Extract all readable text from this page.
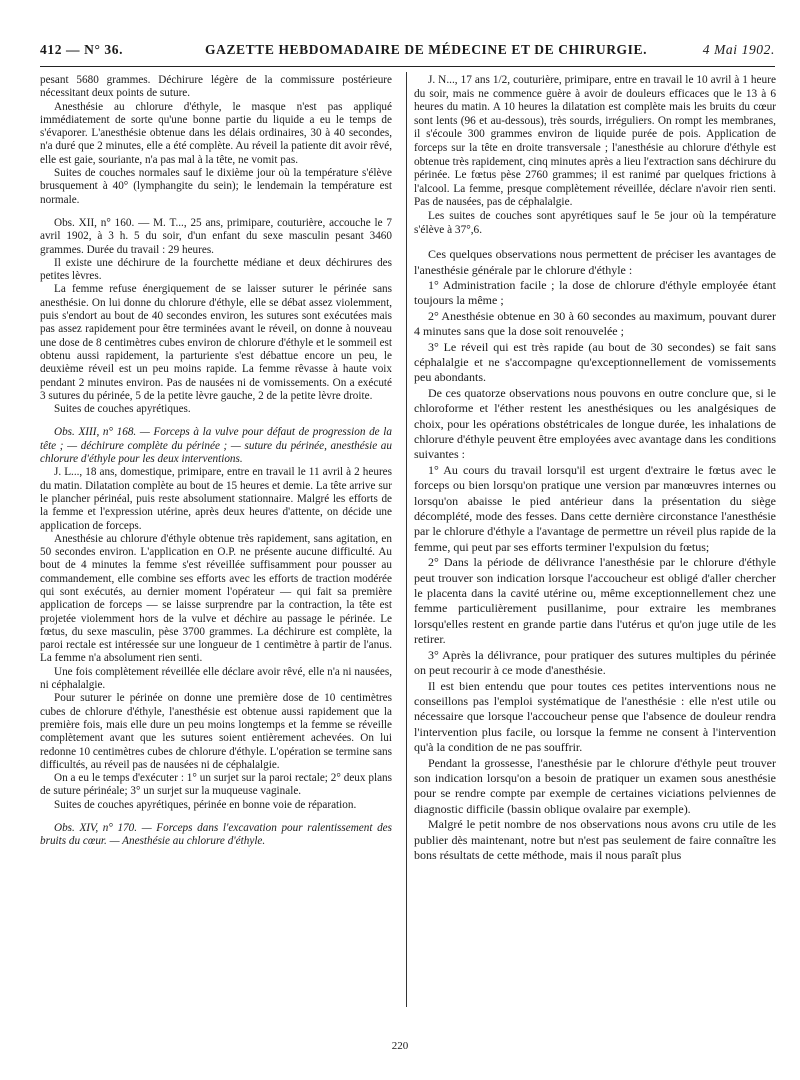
412 — N° 36.	GAZETTE HEBDOMADAIRE DE MÉDECINE ET DE CHIRURGIE.	4 Mai 1902.

pesant 5680 grammes. Déchirure légère de la commissure postérieure nécessitant deux points de suture.

Anesthésie au chlorure d'éthyle, le masque n'est pas appliqué immédiatement de sorte qu'une bonne partie du liquide a eu le temps de s'évaporer. L'anesthésie obtenue dans les délais ordinaires, 30 à 40 secondes, n'a duré que 2 minutes, elle a été complète. Au réveil la patiente dit avoir rêvé, elle est gaie, souriante, n'a pas mal à la tête, ne vomit pas.

Suites de couches normales sauf le dixième jour où la température s'élève brusquement à 40° (lymphangite du sein); le lendemain la température est normale.

Obs. XII, n° 160. — M. T..., 25 ans, primipare, couturière, accouche le 7 avril 1902, à 3 h. 5 du soir, d'un enfant du sexe masculin pesant 3460 grammes. Durée du travail : 29 heures.

Il existe une déchirure de la fourchette médiane et deux déchirures des petites lèvres.

La femme refuse énergiquement de se laisser suturer le périnée sans anesthésie. On lui donne du chlorure d'éthyle, elle se débat assez violemment, puis s'endort au bout de 40 secondes environ, les sutures sont exécutées mais pas assez rapidement pour être terminées avant le réveil, on donne à nouveau une dose de 8 centimètres cubes environ de chlorure d'éthyle et le sommeil est obtenu aussi rapidement, la parturiente s'est débattue encore un peu, le deuxième réveil est un peu moins rapide. La femme rêvasse à haute voix pendant 2 minutes environ. Pas de nausées ni de vomissements. On a exécuté 3 sutures du périnée, 5 de la petite lèvre gauche, 2 de la petite lèvre droite.

Suites de couches apyrétiques.

Obs. XIII, n° 168. — Forceps à la vulve pour défaut de progression de la tête ; — déchirure complète du périnée ; — suture du périnée, anesthésie au chlorure d'éthyle pour les deux interventions.

J. L..., 18 ans, domestique, primipare, entre en travail le 11 avril à 2 heures du matin. Dilatation complète au bout de 15 heures et demie. La tête arrive sur le plancher périnéal, puis reste absolument stationnaire. Malgré les efforts de la femme et l'expression utérine, après deux heures d'attente, on décide une application de forceps.

Anesthésie au chlorure d'éthyle obtenue très rapidement, sans agitation, en 50 secondes environ. L'application en O.P. ne présente aucune difficulté. Au bout de 4 minutes la femme s'est réveillée suffisamment pour pousser au commandement, elle combine ses efforts avec les efforts de traction modérée qui sont exécutés, au dernier moment l'opérateur — qui fait sa première application de forceps — se laisse surprendre par la contraction, la tête est projetée violemment hors de la vulve et déchire au passage le périnée. Le fœtus, du sexe masculin, pèse 3700 grammes. La déchirure est complète, la paroi rectale est intéressée sur une longueur de 1 centimètre à partir de l'anus. La femme n'a absolument rien senti.

Une fois complètement réveillée elle déclare avoir rêvé, elle n'a ni nausées, ni céphalalgie.

Pour suturer le périnée on donne une première dose de 10 centimètres cubes de chlorure d'éthyle, l'anesthésie est obtenue aussi rapidement que la première fois, mais elle dure un peu moins longtemps et la femme se réveille complètement avant que les sutures soient entièrement achevées. On lui redonne 10 centimètres cubes de chlorure d'éthyle. L'opération se termine sans difficultés, au réveil pas de nausées ni de céphalalgie.

On a eu le temps d'exécuter : 1° un surjet sur la paroi rectale; 2° deux plans de suture périnéale; 3° un surjet sur la muqueuse vaginale.

Suites de couches apyrétiques, périnée en bonne voie de réparation.

Obs. XIV, n° 170. — Forceps dans l'excavation pour ralentissement des bruits du cœur. — Anesthésie au chlorure d'éthyle.

J. N..., 17 ans 1/2, couturière, primipare, entre en travail le 10 avril à 1 heure du soir, mais ne commence guère à avoir de douleurs efficaces que le 13 à 6 heures du matin. A 10 heures la dilatation est complète mais les bruits du cœur sont lents (96 et au-dessous), très sourds, irréguliers. On rompt les membranes, il s'écoule 300 grammes environ de liquide purée de pois. Application de forceps sur la tête en droite transversale ; l'anesthésie au chlorure d'éthyle est obtenue très rapidement, cinq minutes après a lieu l'extraction sans déchirure du périnée. Le fœtus pèse 2760 grammes; il est ranimé par quelques frictions à l'alcool. La femme, presque complètement réveillée, déclare n'avoir rien senti. Pas de nausées, pas de céphalalgie.

Les suites de couches sont apyrétiques sauf le 5e jour où la température s'élève à 37°,6.

Ces quelques observations nous permettent de préciser les avantages de l'anesthésie générale par le chlorure d'éthyle :

1° Administration facile ; la dose de chlorure d'éthyle employée étant toujours la même ;

2° Anesthésie obtenue en 30 à 60 secondes au maximum, pouvant durer 4 minutes sans que la dose soit renouvelée ;

3° Le réveil qui est très rapide (au bout de 30 secondes) se fait sans céphalalgie et ne s'accompagne qu'exceptionnellement de vomissements peu abondants.

De ces quatorze observations nous pouvons en outre conclure que, si le chloroforme et l'éther restent les anesthésiques ou les analgésiques de choix, pour les opérations obstétricales de longue durée, les inhalations de chlorure d'éthyle peuvent être employées avec avantage dans les conditions suivantes :

1° Au cours du travail lorsqu'il est urgent d'extraire le fœtus avec le forceps ou bien lorsqu'on pratique une version par manœuvres internes ou lorsqu'on abaisse le pied antérieur dans la présentation du siège décomplété, mode des fesses. Dans cette dernière circonstance l'anesthésie par le chlorure d'éthyle a l'avantage de permettre un réveil plus rapide de la femme, qui peut par ses efforts terminer l'expulsion du fœtus;

2° Dans la période de délivrance l'anesthésie par le chlorure d'éthyle peut trouver son indication lorsque l'accoucheur est obligé d'aller chercher le placenta dans la cavité utérine ou, même exceptionnellement chez une femme particulièrement pusillanime, pour extraire les membranes lorsqu'elles restent en grande partie dans l'utérus et qu'on juge utile de les retirer.

3° Après la délivrance, pour pratiquer des sutures multiples du périnée on peut recourir à ce mode d'anesthésie.

Il est bien entendu que pour toutes ces petites interventions nous ne conseillons pas l'emploi systématique de l'anesthésie : elle n'est utile ou nécessaire que lorsque l'accoucheur pense que l'absence de douleur rendra l'intervention plus facile, ou lorsque la femme ne consent à l'intervention qu'à la condition de ne pas souffrir.

Pendant la grossesse, l'anesthésie par le chlorure d'éthyle peut trouver son indication lorsqu'on a besoin de pratiquer un examen sous anesthésie pour se rendre compte par exemple de certaines viciations pelviennes de diagnostic difficile (bassin oblique ovalaire par exemple).

Malgré le petit nombre de nos observations nous avons cru utile de les publier dès maintenant, notre but n'est pas seulement de faire connaître les bons résultats de cette méthode, mais il nous paraît plus

220
